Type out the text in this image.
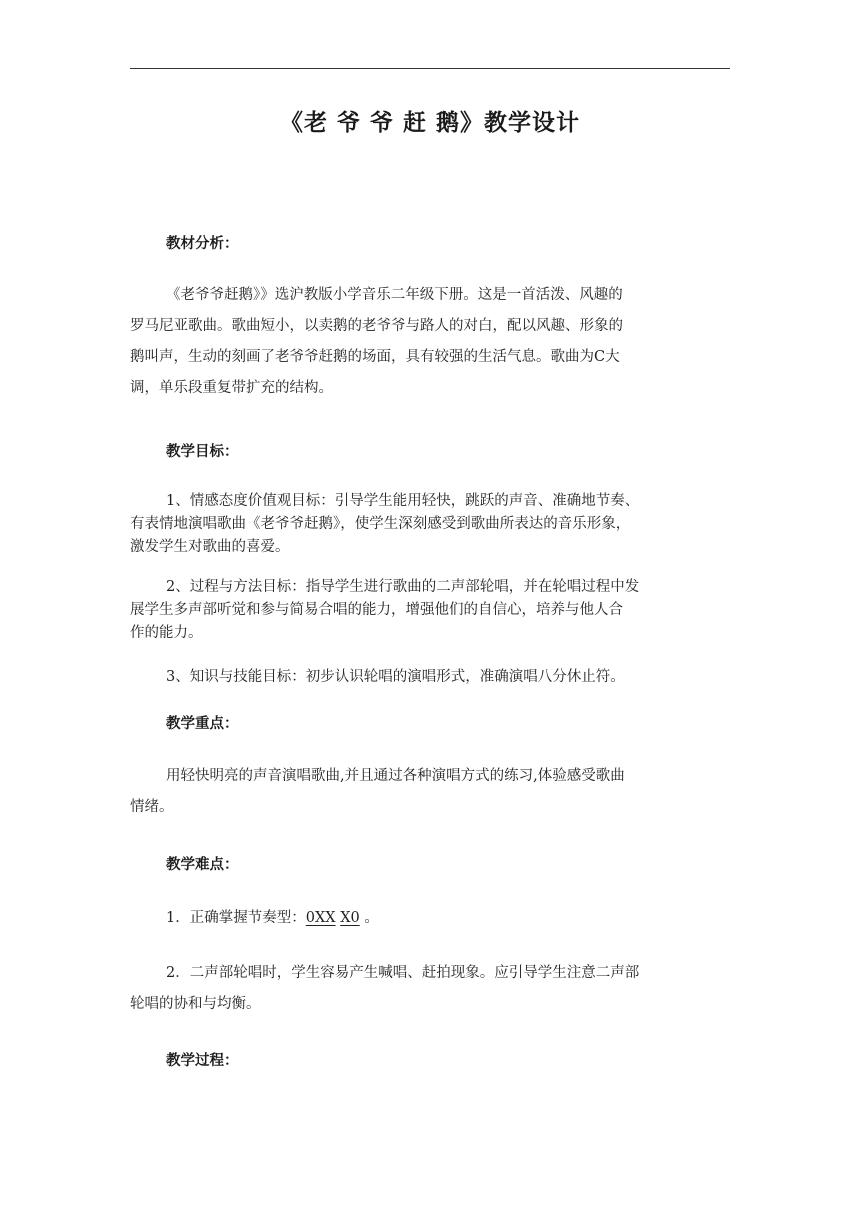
《老 爷 爷 赶 鹅》教学设计
教材分析：
《老爷爷赶鹅》》选沪教版小学音乐二年级下册。这是一首活泼、风趣的
罗马尼亚歌曲。歌曲短小，以卖鹅的老爷爷与路人的对白，配以风趣、形象的
鹅叫声，生动的刻画了老爷爷赶鹅的场面，具有较强的生活气息。歌曲为C大
调，单乐段重复带扩充的结构。
教学目标：
1、情感态度价值观目标：引导学生能用轻快，跳跃的声音、准确地节奏、
有表情地演唱歌曲《老爷爷赶鹅》，使学生深刻感受到歌曲所表达的音乐形象，
激发学生对歌曲的喜爱。
2、过程与方法目标：指导学生进行歌曲的二声部轮唱，并在轮唱过程中发
展学生多声部听觉和参与简易合唱的能力，增强他们的自信心，培养与他人合
作的能力。
3、知识与技能目标：初步认识轮唱的演唱形式，准确演唱八分休止符。
教学重点：
用轻快明亮的声音演唱歌曲,并且通过各种演唱方式的练习,体验感受歌曲
情绪。
教学难点：
1．正确掌握节奏型：0XX X0 。
2．二声部轮唱时，学生容易产生喊唱、赶拍现象。应引导学生注意二声部
轮唱的协和与均衡。
教学过程：
